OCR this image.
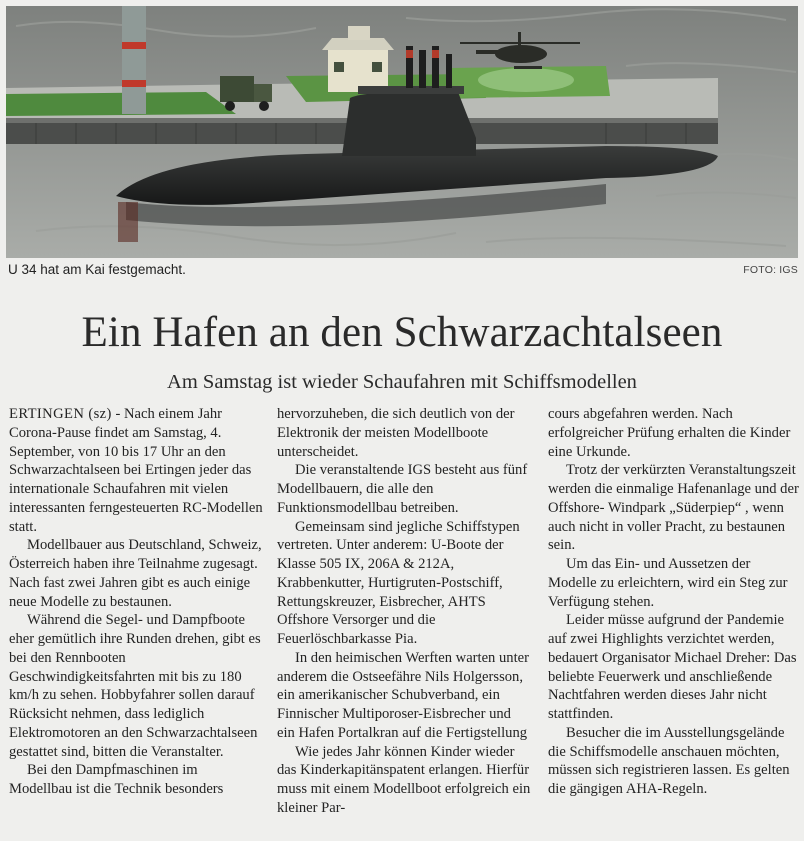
U 34 hat am Kai festgemacht.	FOTO: IGS
Ein Hafen an den Schwarzachtalseen
Am Samstag ist wieder Schaufahren mit Schiffsmodellen

ERTINGEN (sz) - Nach einem Jahr Corona-Pause findet am Samstag, 4. September, von 10 bis 17 Uhr an den Schwarzachtalseen bei Ertingen jeder das internationale Schaufahren mit vielen interessanten ferngesteuerten RC-Modellen statt.

Modellbauer aus Deutschland, Schweiz, Österreich haben ihre Teilnahme zugesagt. Nach fast zwei Jahren gibt es auch einige neue Modelle zu bestaunen.

Während die Segel- und Dampfboote eher gemütlich ihre Runden drehen, gibt es bei den Rennbooten Geschwindigkeitsfahrten mit bis zu 180 km/h zu sehen. Hobbyfahrer sollen darauf Rücksicht nehmen, dass lediglich Elektromotoren an den Schwarzachtalseen gestattet sind, bitten die Veranstalter.

Bei den Dampfmaschinen im Modellbau ist die Technik besonders

hervorzuheben, die sich deutlich von der Elektronik der meisten Modellboote unterscheidet.

Die veranstaltende IGS besteht aus fünf Modellbauern, die alle den Funktionsmodellbau betreiben.

Gemeinsam sind jegliche Schiffstypen vertreten. Unter anderem: U-Boote der Klasse 505 IX, 206A & 212A, Krabbenkutter, Hurtigruten-Postschiff, Rettungskreuzer, Eisbrecher, AHTS Offshore Versorger und die Feuerlöschbarkasse Pia.

In den heimischen Werften warten unter anderem die Ostseefähre Nils Holgersson, ein amerikanischer Schubverband, ein Finnischer Multiporoser-Eisbrecher und ein Hafen Portalkran auf die Fertigstellung

Wie jedes Jahr können Kinder wieder das Kinderkapitänspatent erlangen. Hierfür muss mit einem Modellboot erfolgreich ein kleiner Par-

cours abgefahren werden. Nach erfolgreicher Prüfung erhalten die Kinder eine Urkunde.

Trotz der verkürzten Veranstaltungszeit werden die einmalige Hafenanlage und der Offshore- Windpark „Süderpiep“ , wenn auch nicht in voller Pracht, zu bestaunen sein.

Um das Ein- und Aussetzen der Modelle zu erleichtern, wird ein Steg zur Verfügung stehen.

Leider müsse aufgrund der Pandemie auf zwei Highlights verzichtet werden, bedauert Organisator Michael Dreher: Das beliebte Feuerwerk und anschließende Nachtfahren werden dieses Jahr nicht stattfinden.

Besucher die im Ausstellungsgelände die Schiffsmodelle anschauen möchten, müssen sich registrieren lassen. Es gelten die gängigen AHA-Regeln.
